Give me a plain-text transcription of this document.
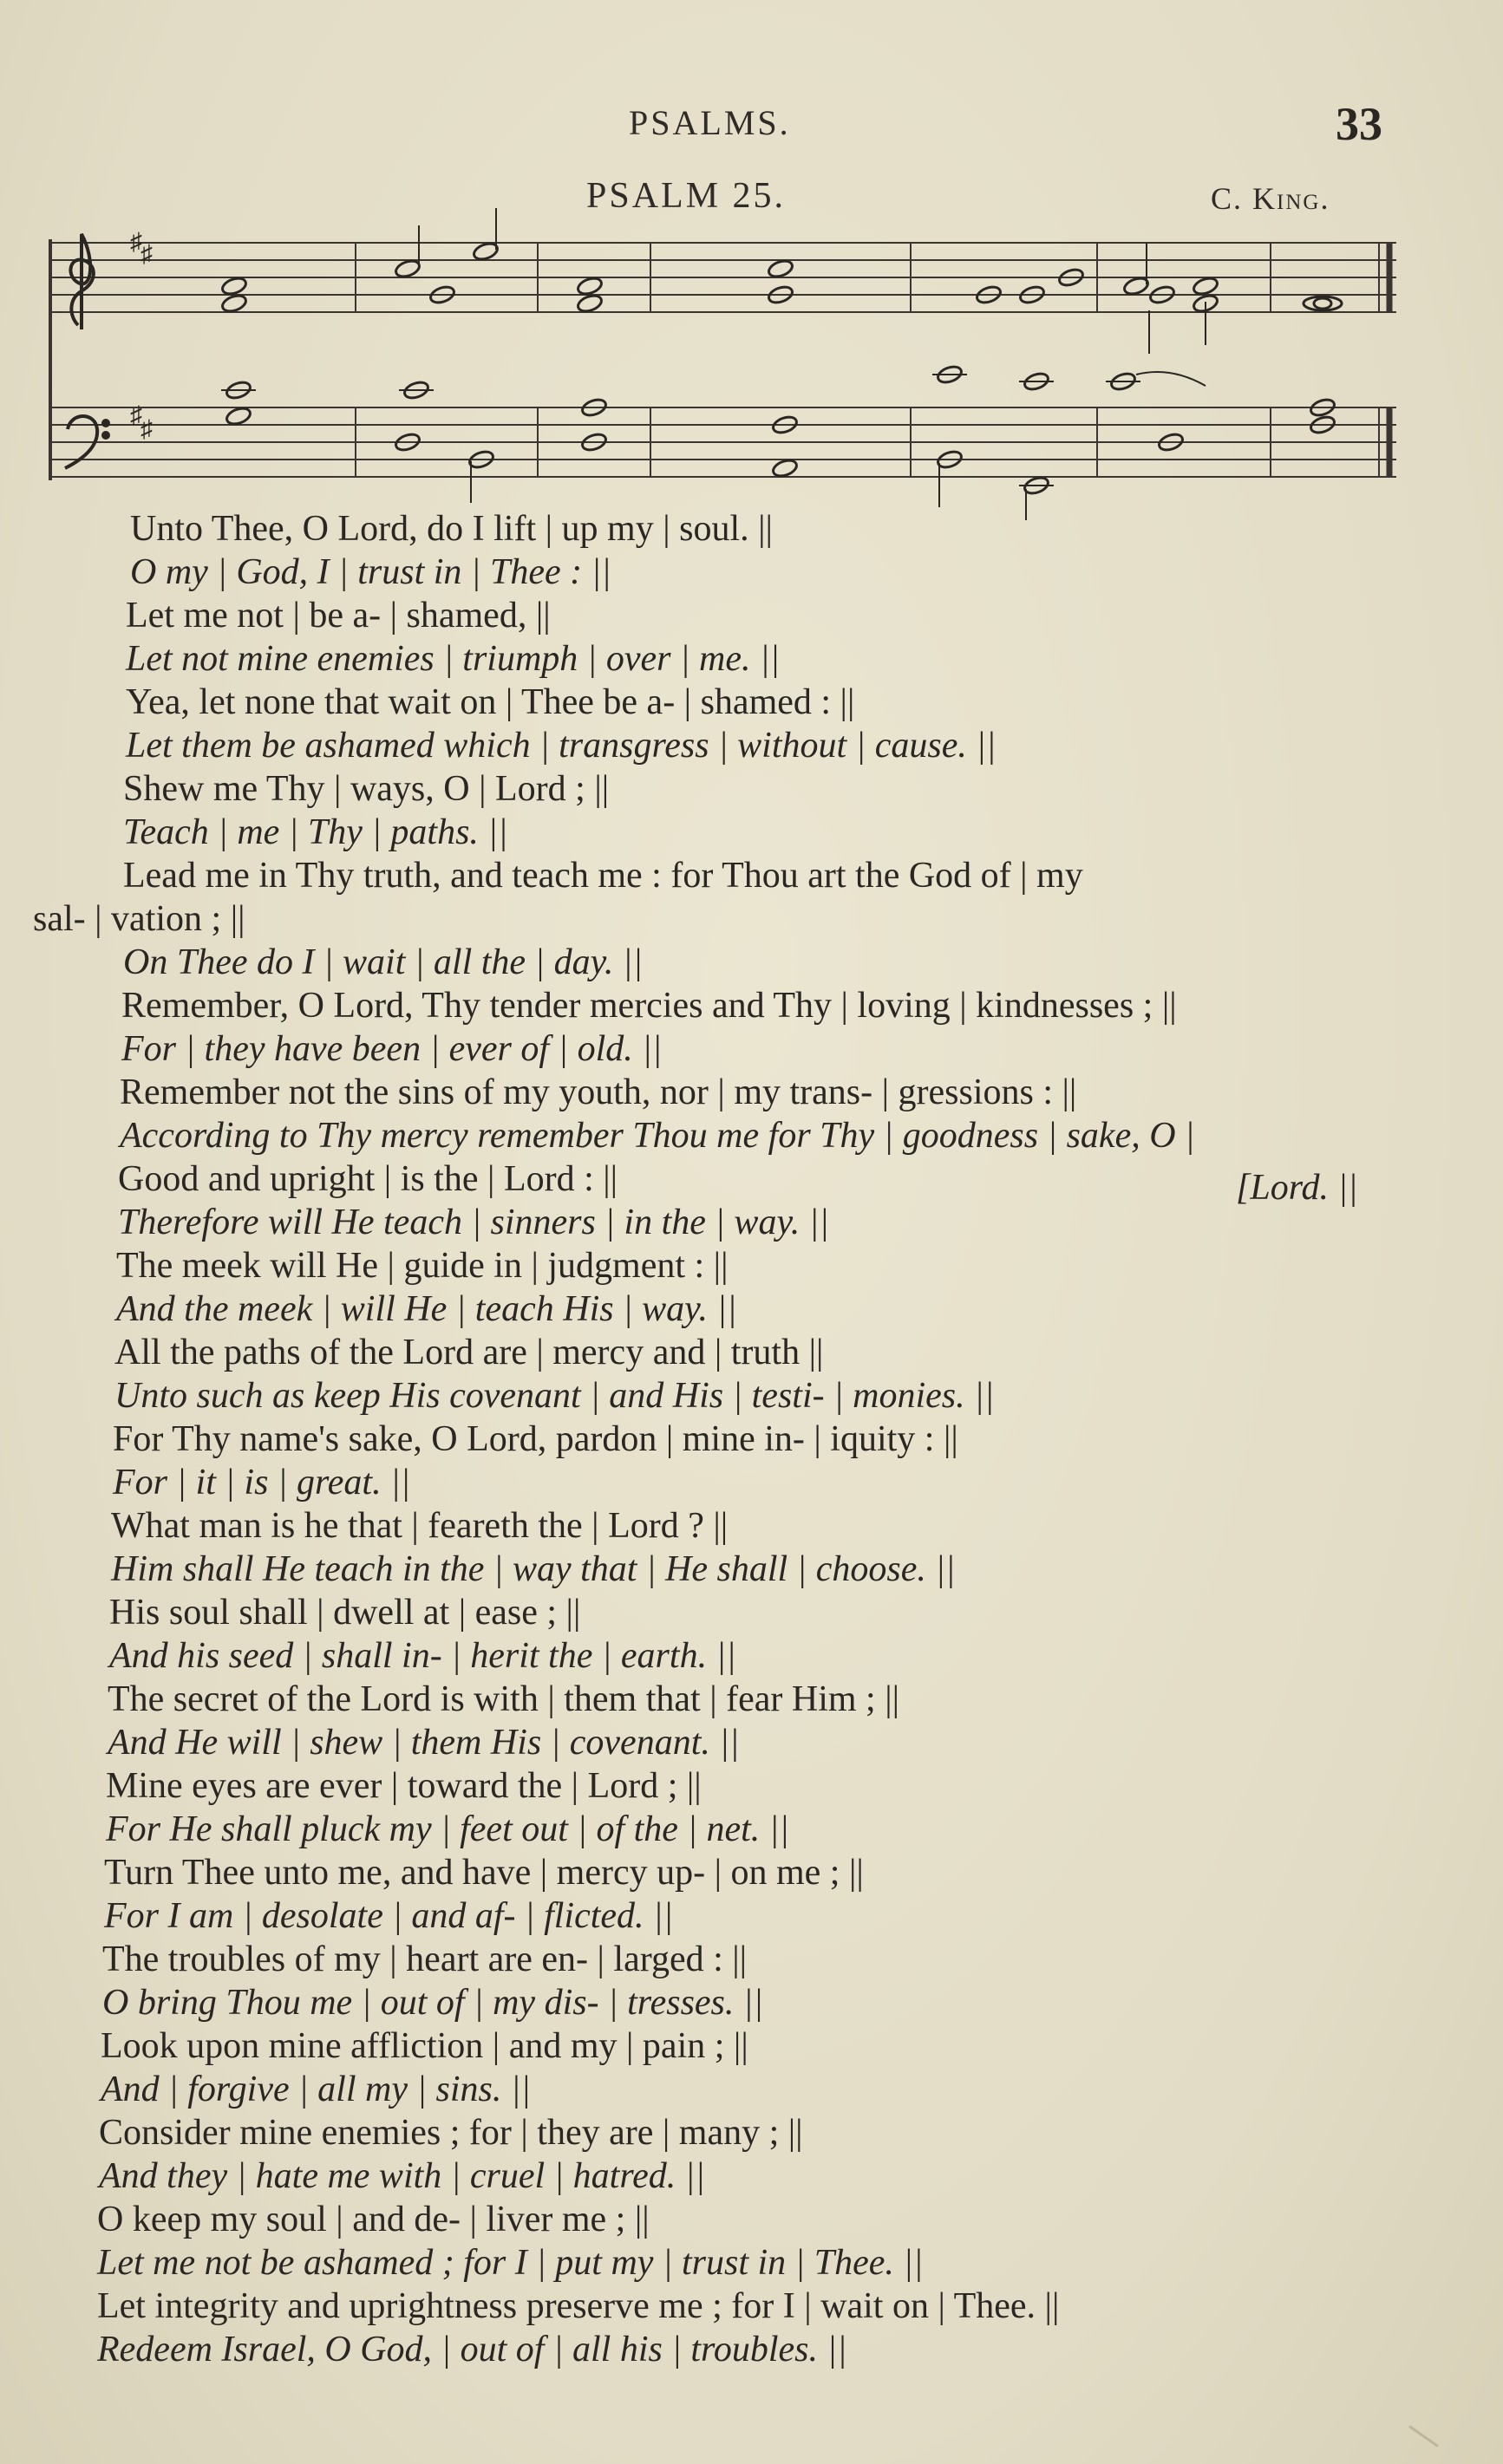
PSALMS.	33
PSALM 25.	C. King.
♯
♯
♯
♯
Unto Thee, O Lord, do I lift | up my | soul. ||
O my | God, I | trust in | Thee : ||
Let me not | be a- | shamed, ||
Let not mine enemies | triumph | over | me. ||
Yea, let none that wait on | Thee be a- | shamed : ||
Let them be ashamed which | transgress | without | cause. ||
Shew me Thy | ways, O | Lord ; ||
Teach | me | Thy | paths. ||
Lead me in Thy truth, and teach me : for Thou art the God of | my
sal- | vation ; ||
On Thee do I | wait | all the | day. ||
Remember, O Lord, Thy tender mercies and Thy | loving | kindnesses ; ||
For | they have been | ever of | old. ||
Remember not the sins of my youth, nor | my trans- | gressions : ||
According to Thy mercy remember Thou me for Thy | goodness | sake, O |
Good and upright | is the | Lord : ||	[Lord. ||
Therefore will He teach | sinners | in the | way. ||
The meek will He | guide in | judgment : ||
And the meek | will He | teach His | way. ||
All the paths of the Lord are | mercy and | truth ||
Unto such as keep His covenant | and His | testi- | monies. ||
For Thy name's sake, O Lord, pardon | mine in- | iquity : ||
For | it | is | great. ||
What man is he that | feareth the | Lord ? ||
Him shall He teach in the | way that | He shall | choose. ||
His soul shall | dwell at | ease ; ||
And his seed | shall in- | herit the | earth. ||
The secret of the Lord is with | them that | fear Him ; ||
And He will | shew | them His | covenant. ||
Mine eyes are ever | toward the | Lord ; ||
For He shall pluck my | feet out | of the | net. ||
Turn Thee unto me, and have | mercy up- | on me ; ||
For I am | desolate | and af- | flicted. ||
The troubles of my | heart are en- | larged : ||
O bring Thou me | out of | my dis- | tresses. ||
Look upon mine affliction | and my | pain ; ||
And | forgive | all my | sins. ||
Consider mine enemies ; for | they are | many ; ||
And they | hate me with | cruel | hatred. ||
O keep my soul | and de- | liver me ; ||
Let me not be ashamed ; for I | put my | trust in | Thee. ||
Let integrity and uprightness preserve me ; for I | wait on | Thee. ||
Redeem Israel, O God, | out of | all his | troubles. ||
